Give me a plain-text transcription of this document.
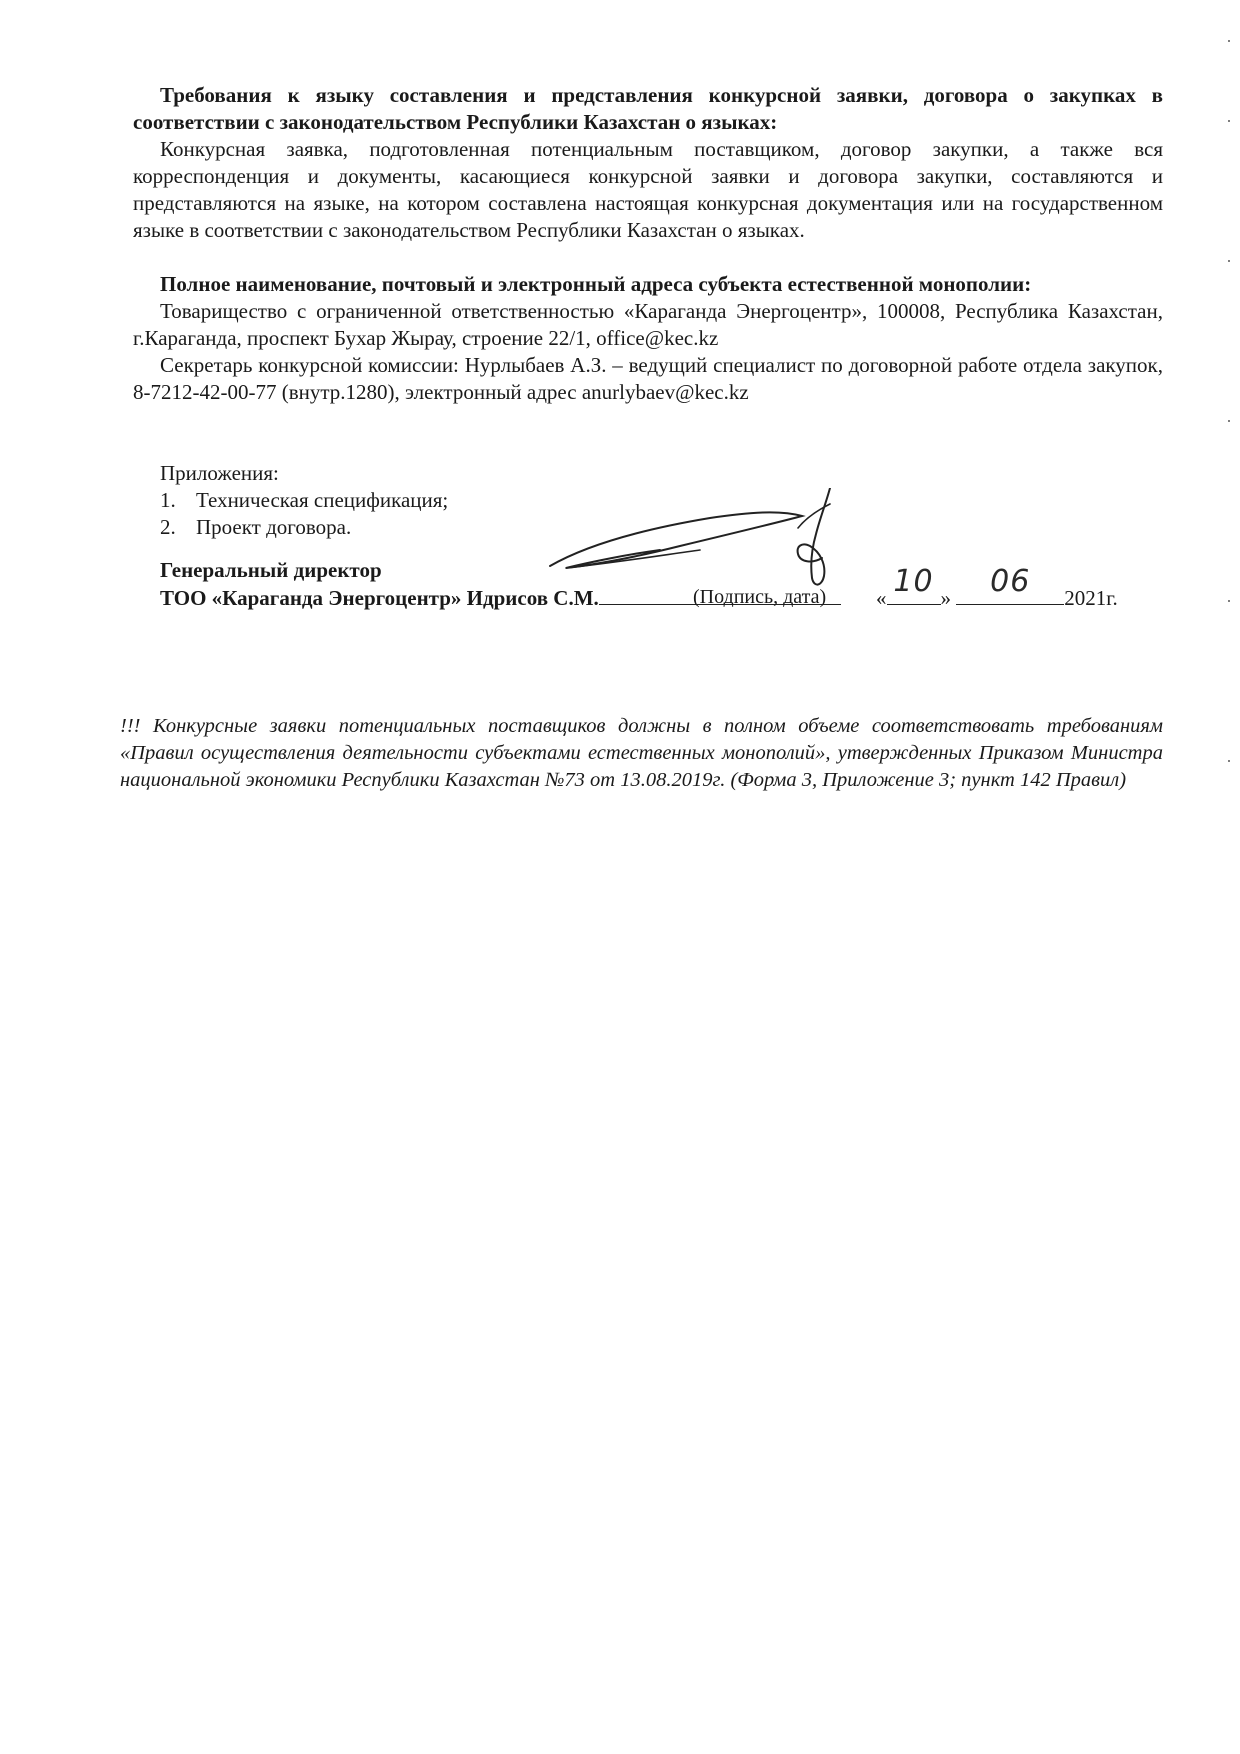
Требования к языку составления и представления конкурсной заявки, договора о закупках в соответствии с законодательством Республики Казахстан о языках:

Конкурсная заявка, подготовленная потенциальным поставщиком, договор закупки, а также вся корреспонденция и документы, касающиеся конкурсной заявки и договора закупки, составляются и представляются на языке, на котором составлена настоящая конкурсная документация или на государственном языке в соответствии с законодательством Республики Казахстан о языках.

Полное наименование, почтовый и электронный адреса субъекта естественной монополии:

Товарищество с ограниченной ответственностью «Караганда Энергоцентр», 100008, Республика Казахстан, г.Караганда, проспект Бухар Жырау, строение 22/1, office@kec.kz

Секретарь конкурсной комиссии: Нурлыбаев А.З. – ведущий специалист по договорной работе отдела закупок, 8-7212-42-00-77 (внутр.1280), электронный адрес anurlybaev@kec.kz

Приложения:

1. Техническая спецификация;
2. Проект договора.

Генеральный директор

ТОО «Караганда Энергоцентр» Идрисов С.М.	« 10 »	06	2021г.
(Подпись, дата)
!!! Конкурсные заявки потенциальных поставщиков должны в полном объеме соответствовать требованиям «Правил осуществления деятельности субъектами естественных монополий», утвержденных Приказом Министра национальной экономики Республики Казахстан №73 от 13.08.2019г. (Форма 3, Приложение 3; пункт 142 Правил)
